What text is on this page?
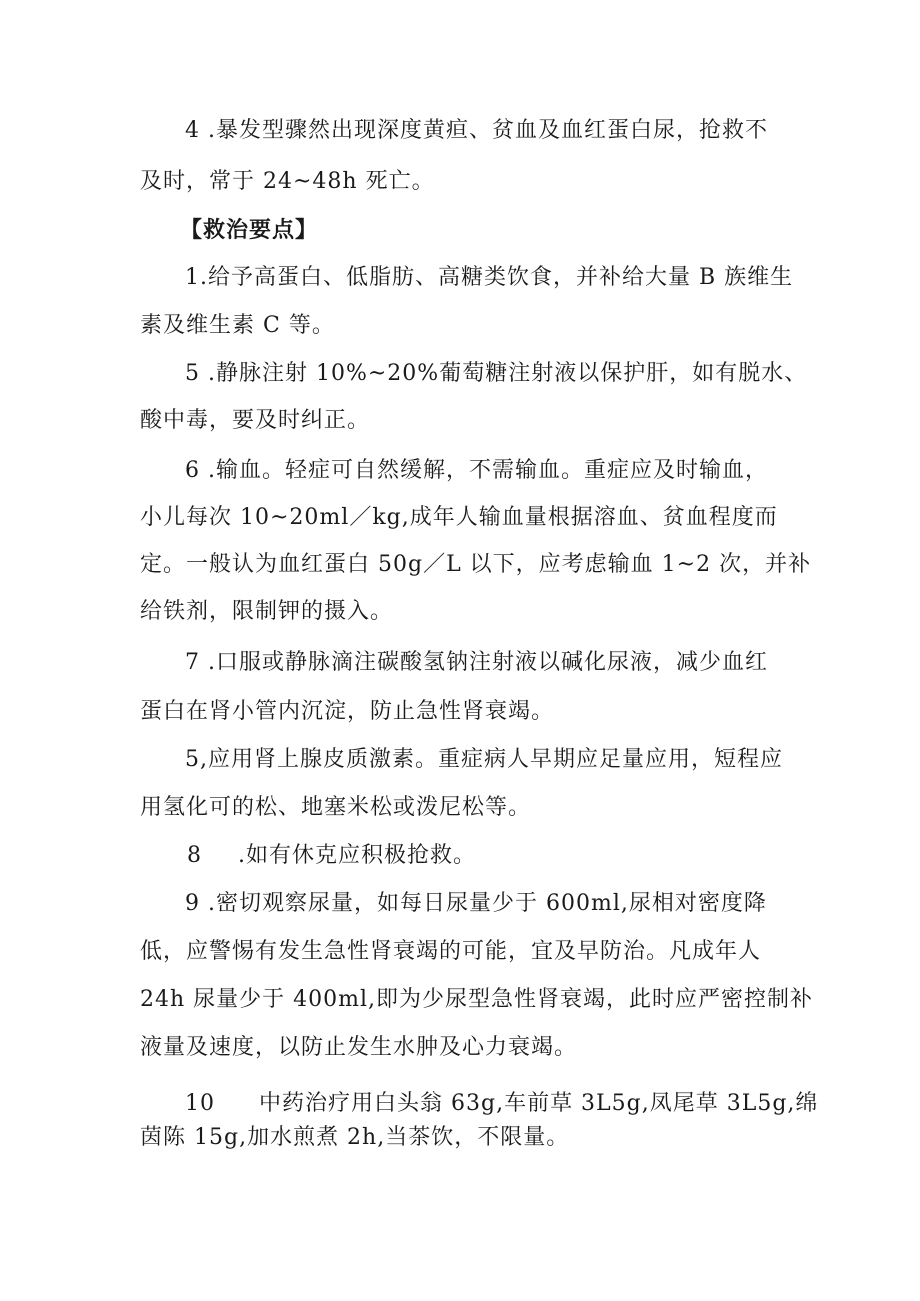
4 .暴发型骤然出现深度黄疸、贫血及血红蛋白尿，抢救不
及时，常于 24~48h 死亡。
【救治要点】
1.给予高蛋白、低脂肪、高糖类饮食，并补给大量 B 族维生
素及维生素 C 等。
5 .静脉注射 10%~20%葡萄糖注射液以保护肝，如有脱水、
酸中毒，要及时纠正。
6 .输血。轻症可自然缓解，不需输血。重症应及时输血，
小儿每次 10~20ml／kg,成年人输血量根据溶血、贫血程度而
定。一般认为血红蛋白 50g／L 以下，应考虑输血 1~2 次，并补
给铁剂，限制钾的摄入。
7 .口服或静脉滴注碳酸氢钠注射液以碱化尿液，减少血红
蛋白在肾小管内沉淀，防止急性肾衰竭。
5,应用肾上腺皮质激素。重症病人早期应足量应用，短程应
用氢化可的松、地塞米松或泼尼松等。
8 .如有休克应积极抢救。
9 .密切观察尿量，如每日尿量少于 600ml,尿相对密度降
低，应警惕有发生急性肾衰竭的可能，宜及早防治。凡成年人
24h 尿量少于 400ml,即为少尿型急性肾衰竭，此时应严密控制补
液量及速度，以防止发生水肿及心力衰竭。
10 中药治疗用白头翁 63g,车前草 3L5g,凤尾草 3L5g,绵
茵陈 15g,加水煎煮 2h,当茶饮，不限量。
